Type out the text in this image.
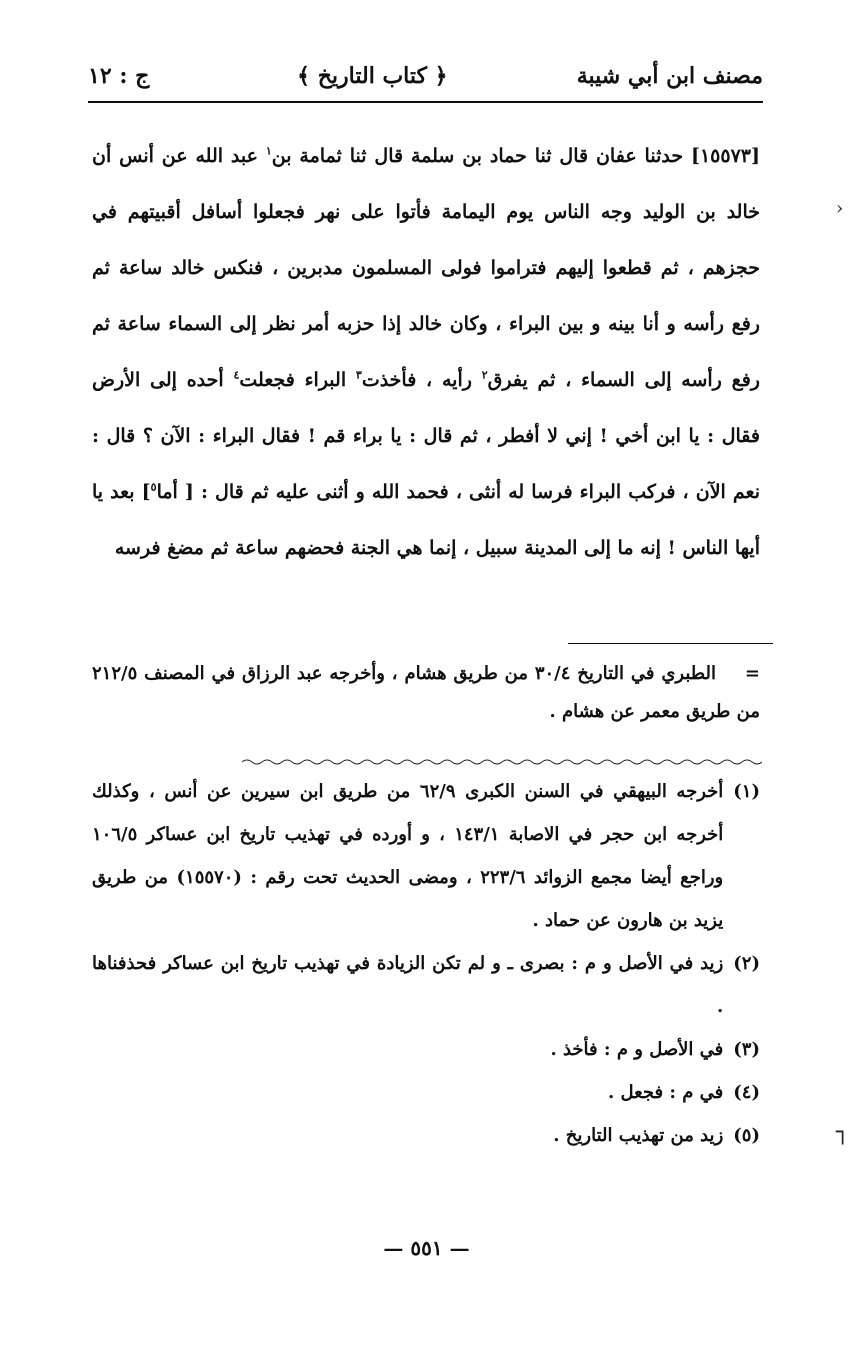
مصنف ابن أبي شيبة
﴿ كتاب التاريخ ﴾
ج : ١٢
[١٥٥٧٣] حدثنا عفان قال ثنا حماد بن سلمة قال ثنا ثمامة بن$^١$ عبد الله عن أنس أن خالد بن الوليد وجه الناس يوم اليمامة فأتوا على نهر فجعلوا أسافل أقبيتهم في حجزهم ، ثم قطعوا إليهم فتراموا فولى المسلمون مدبرين ، فنكس خالد ساعة ثم رفع رأسه و أنا بينه و بين البراء ، وكان خالد إذا حزبه أمر نظر إلى السماء ساعة ثم رفع رأسه إلى السماء ، ثم يفرق$^٢$ رأيه ، فأخذت$^٣$ البراء فجعلت$^٤$ أحده إلى الأرض فقال : يا ابن أخي ! إني لا أفطر ، ثم قال : يا براء قم ! فقال البراء : الآن ؟ قال : نعم الآن ، فركب البراء فرسا له أنثى ، فحمد الله و أثنى عليه ثم قال : [ أما$^٥$] بعد يا أيها الناس ! إنه ما إلى المدينة سبيل ، إنما هي الجنة فحضهم ساعة ثم مضغ فرسه
= الطبري في التاريخ ٣٠/٤ من طريق هشام ، وأخرجه عبد الرزاق في المصنف ٢١٢/٥ من طريق معمر عن هشام .
(١)
أخرجه البيهقي في السنن الكبرى ٦٢/٩ من طريق ابن سيرين عن أنس ، وكذلك أخرجه ابن حجر في الاصابة ١٤٣/١ ، و أورده في تهذيب تاريخ ابن عساكر ١٠٦/٥ وراجع أيضا مجمع الزوائد ٢٢٣/٦ ، ومضى الحديث تحت رقم : (١٥٥٧٠) من طريق يزيد بن هارون عن حماد .
(٢)
زيد في الأصل و م : بصرى ـ و لم تكن الزيادة في تهذيب تاريخ ابن عساكر فحذفناها .
(٣)
في الأصل و م : فأخذ .
(٤)
في م : فجعل .
(٥)
زيد من تهذيب التاريخ .
— ٥٥١ —
›
┐
